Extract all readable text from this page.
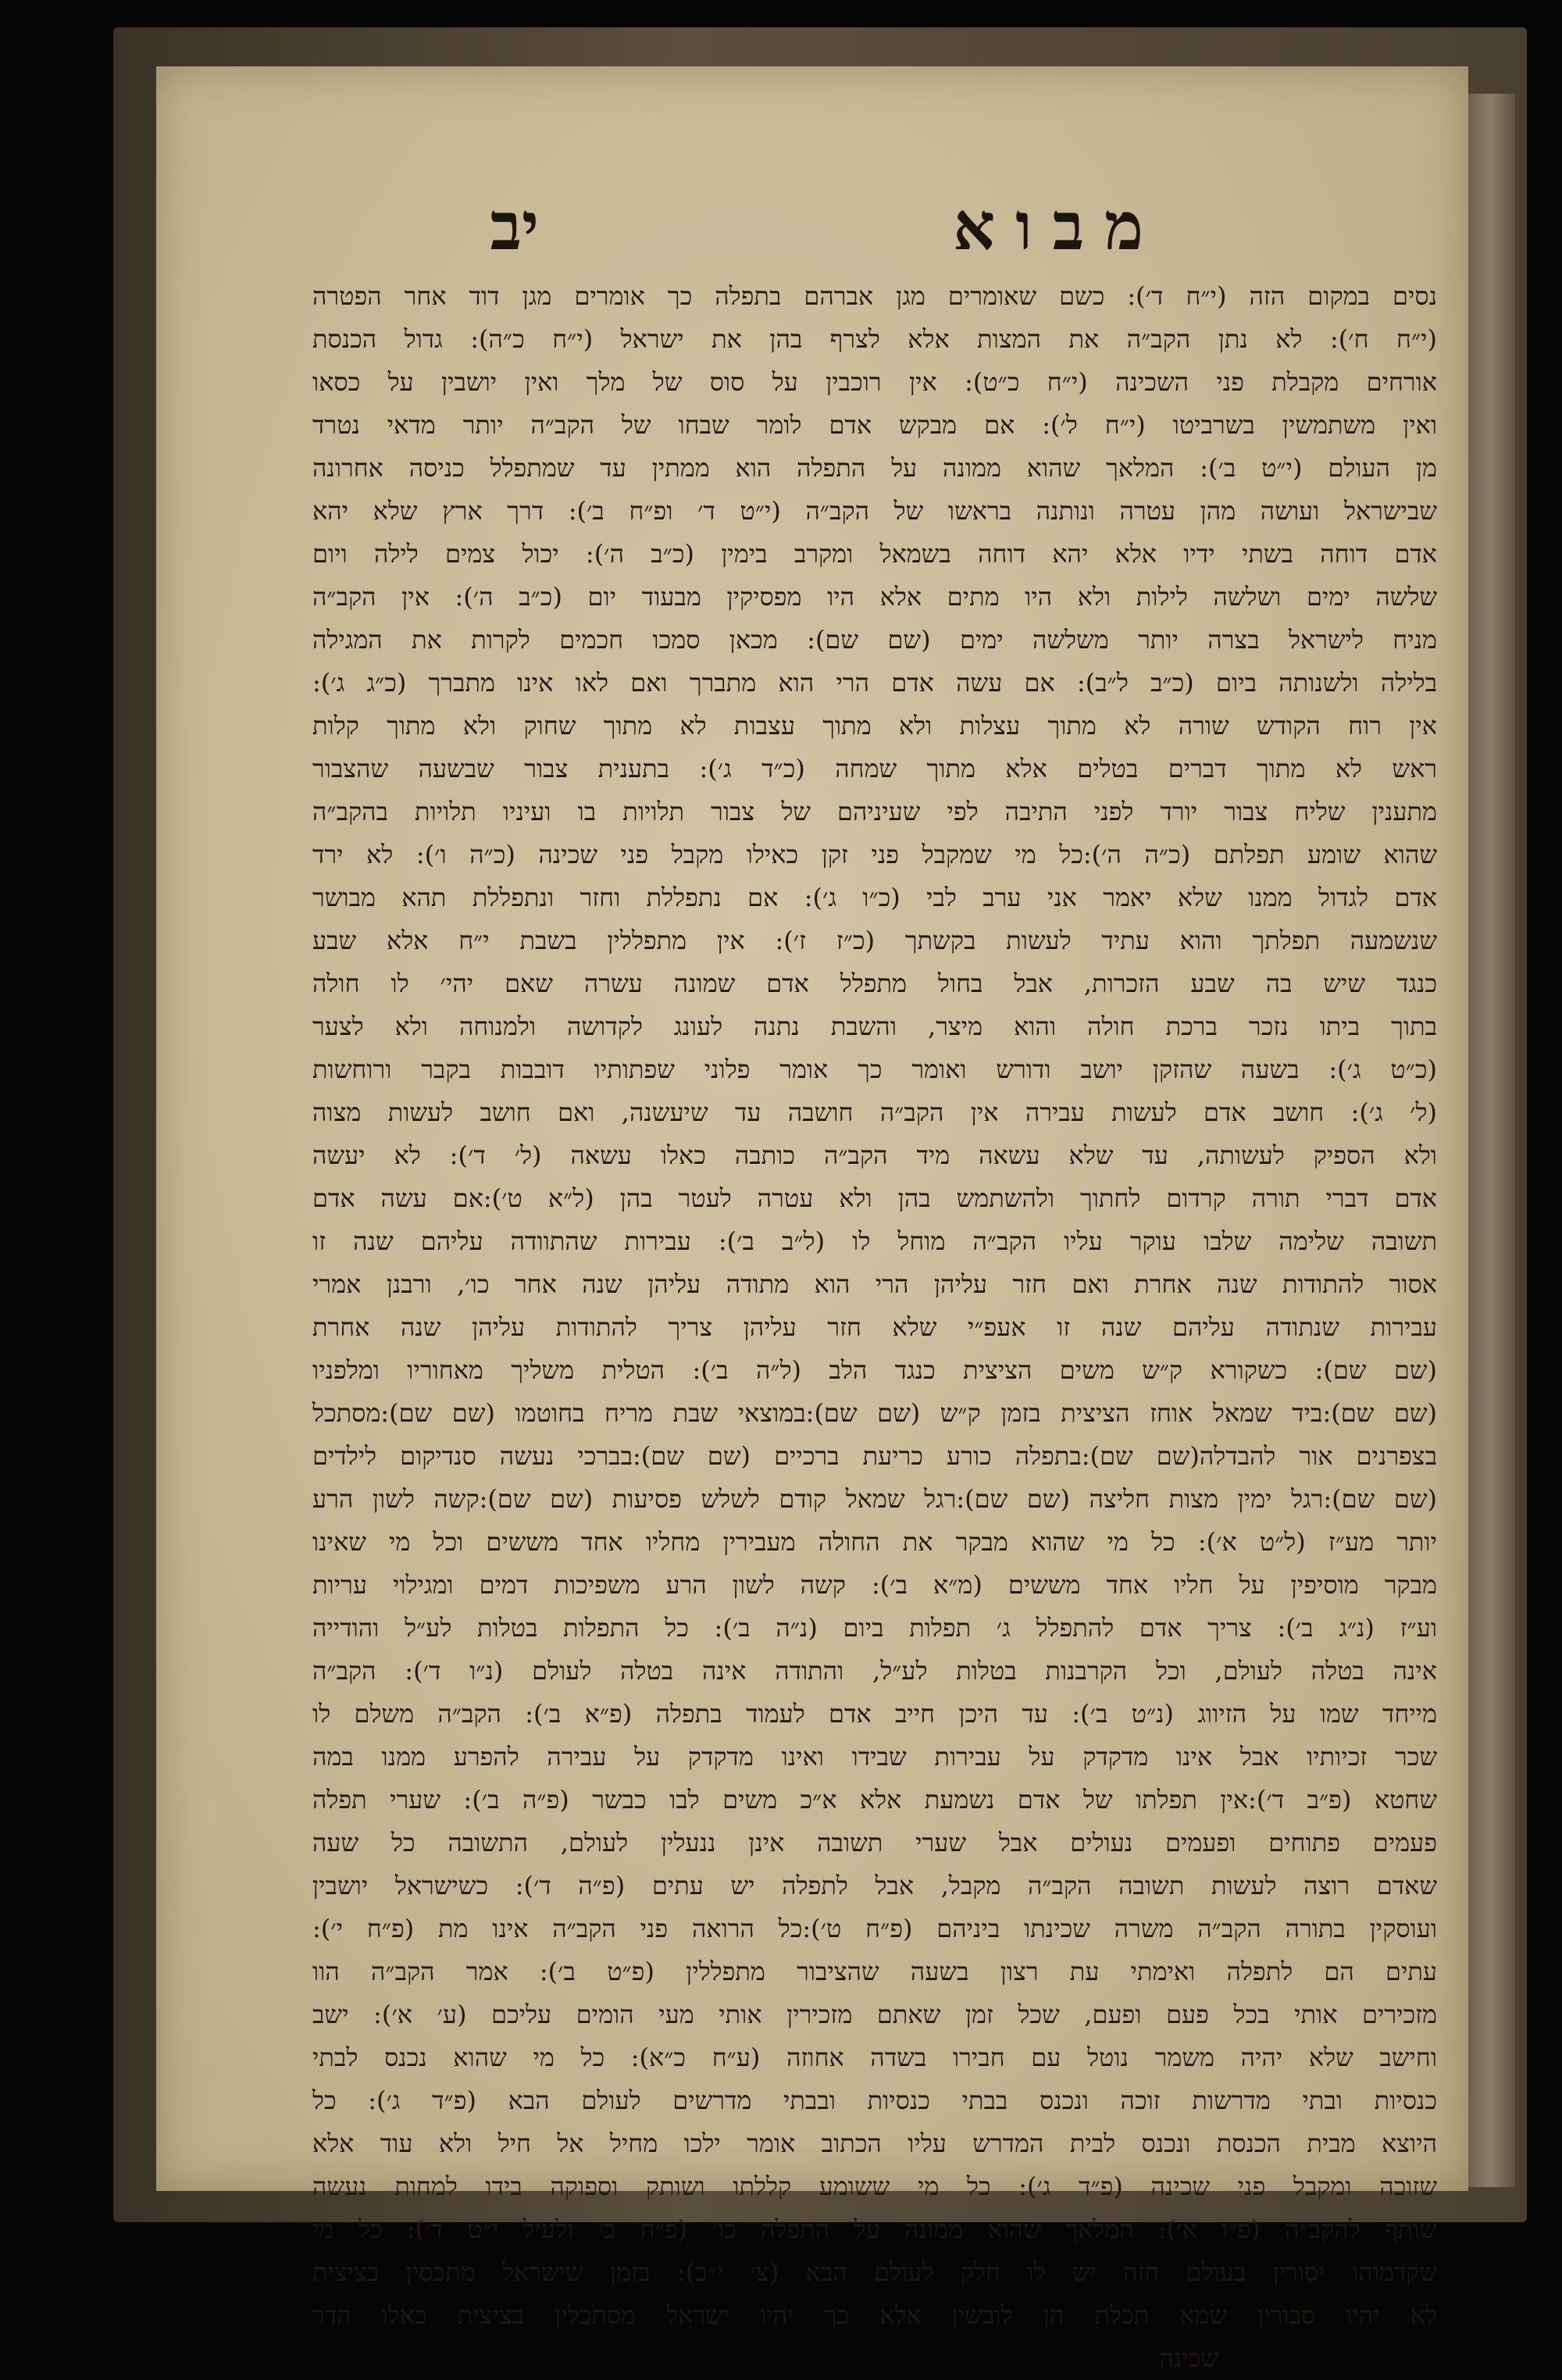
מבוא
יב
נסים במקום הזה (י״ח ד׳): כשם שאומרים מגן אברהם בתפלה כך אומרים מגן דוד אחר הפטרה
(י״ח ח׳): לא נתן הקב״ה את המצות אלא לצרף בהן את ישראל (י״ח כ״ה): גדול הכנסת
אורחים מקבלת פני השכינה (י״ח כ״ט): אין רוכבין על סוס של מלך ואין יושבין על כסאו
ואין משתמשין בשרביטו (י״ח ל׳): אם מבקש אדם לומר שבחו של הקב״ה יותר מדאי נטרד
מן העולם (י״ט ב׳): המלאך שהוא ממונה על התפלה הוא ממתין עד שמתפלל כניסה אחרונה
שבישראל ועושה מהן עטרה ונותנה בראשו של הקב״ה (י״ט ד׳ ופ״ח ב׳): דרך ארץ שלא יהא
אדם דוחה בשתי ידיו אלא יהא דוחה בשמאל ומקרב בימין (כ״ב ה׳): יכול צמים לילה ויום
שלשה ימים ושלשה לילות ולא היו מתים אלא היו מפסיקין מבעוד יום (כ״ב ה׳): אין הקב״ה
מניח לישראל בצרה יותר משלשה ימים (שם שם): מכאן סמכו חכמים לקרות את המגילה
בלילה ולשנותה ביום (כ״ב ל״ב): אם עשה אדם הרי הוא מתברך ואם לאו אינו מתברך (כ״ג ג׳):
אין רוח הקודש שורה לא מתוך עצלות ולא מתוך עצבות לא מתוך שחוק ולא מתוך קלות
ראש לא מתוך דברים בטלים אלא מתוך שמחה (כ״ד ג׳): בתענית צבור שבשעה שהצבור
מתענין שליח צבור יורד לפני התיבה לפי שעיניהם של צבור תלויות בו ועיניו תלויות בהקב״ה
שהוא שומע תפלתם (כ״ה ה׳):כל מי שמקבל פני זקן כאילו מקבל פני שכינה (כ״ה ו׳): לא ירד
אדם לגדול ממנו שלא יאמר אני ערב לבי (כ״ו ג׳): אם נתפללת וחזר ונתפללת תהא מבושר
שנשמעה תפלתך והוא עתיד לעשות בקשתך (כ״ז ז׳): אין מתפללין בשבת י״ח אלא שבע
כנגד שיש בה שבע הזכרות, אבל בחול מתפלל אדם שמונה עשרה שאם יהי׳ לו חולה
בתוך ביתו נזכר ברכת חולה והוא מיצר, והשבת נתנה לעונג לקדושה ולמנוחה ולא לצער
(כ״ט ג׳): בשעה שהזקן יושב ודורש ואומר כך אומר פלוני שפתותיו דובבות בקבר ורוחשות
(ל׳ ג׳): חושב אדם לעשות עבירה אין הקב״ה חושבה עד שיעשנה, ואם חושב לעשות מצוה
ולא הספיק לעשותה, עד שלא עשאה מיד הקב״ה כותבה כאלו עשאה (ל׳ ד׳): לא יעשה
אדם דברי תורה קרדום לחתוך ולהשתמש בהן ולא עטרה לעטר בהן (ל״א ט׳):אם עשה אדם
תשובה שלימה שלבו עוקר עליו הקב״ה מוחל לו (ל״ב ב׳): עבירות שהתוודה עליהם שנה זו
אסור להתודות שנה אחרת ואם חזר עליהן הרי הוא מתודה עליהן שנה אחר כו׳, ורבנן אמרי
עבירות שנתודה עליהם שנה זו אעפ״י שלא חזר עליהן צריך להתודות עליהן שנה אחרת
(שם שם): כשקורא ק״ש משים הציצית כנגד הלב (ל״ה ב׳): הטלית משליך מאחוריו ומלפניו
(שם שם):ביד שמאל אוחז הציצית בזמן ק״ש (שם שם):במוצאי שבת מריח בחוטמו (שם שם):מסתכל
בצפרנים אור להבדלה(שם שם):בתפלה כורע כריעת ברכיים (שם שם):בברכי נעשה סנדיקום לילדים
(שם שם):רגל ימין מצות חליצה (שם שם):רגל שמאל קודם לשלש פסיעות (שם שם):קשה לשון הרע
יותר מע״ז (ל״ט א׳): כל מי שהוא מבקר את החולה מעבירין מחליו אחד מששים וכל מי שאינו
מבקר מוסיפין על חליו אחד מששים (מ״א ב׳): קשה לשון הרע משפיכות דמים ומגילוי עריות
וע״ז (נ״ג ב׳): צריך אדם להתפלל ג׳ תפלות ביום (נ״ה ב׳): כל התפלות בטלות לע״ל והודייה
אינה בטלה לעולם, וכל הקרבנות בטלות לע״ל, והתודה אינה בטלה לעולם (נ״ו ד׳): הקב״ה
מייחד שמו על הזיווג (נ״ט ב׳): עד היכן חייב אדם לעמוד בתפלה (פ״א ב׳): הקב״ה משלם לו
שכר זכיותיו אבל אינו מדקדק על עבירות שבידו ואינו מדקדק על עבירה להפרע ממנו במה
שחטא (פ״ב ד׳):אין תפלתו של אדם נשמעת אלא א״כ משים לבו כבשר (פ״ה ב׳): שערי תפלה
פעמים פתוחים ופעמים נעולים אבל שערי תשובה אינן ננעלין לעולם, התשובה כל שעה
שאדם רוצה לעשות תשובה הקב״ה מקבל, אבל לתפלה יש עתים (פ״ה ד׳): כשישראל יושבין
ועוסקין בתורה הקב״ה משרה שכינתו ביניהם (פ״ח ט׳):כל הרואה פני הקב״ה אינו מת (פ״ח י׳):
עתים הם לתפלה ואימתי עת רצון בשעה שהציבור מתפללין (פ״ט ב׳): אמר הקב״ה הוו
מזכירים אותי בכל פעם ופעם, שכל זמן שאתם מזכירין אותי מעי הומים עליכם (ע׳ א׳): ישב
וחישב שלא יהיה משמר נוטל עם חבירו בשדה אחוזה (ע״ח כ״א): כל מי שהוא נכנס לבתי
כנסיות ובתי מדרשות זוכה ונכנס בבתי כנסיות ובבתי מדרשים לעולם הבא (פ״ד ג׳): כל
היוצא מבית הכנסת ונכנס לבית המדרש עליו הכתוב אומר ילכו מחיל אל חיל ולא עוד אלא
שזוכה ומקבל פני שכינה (פ״ד ג׳): כל מי ששומע קללתו ושותק וספוקה בידו למחות נעשה
שותף להקב״ה (פ״ו א׳): המלאך שהוא ממונה על התפלה כו׳ (פ״ח ב׳ ולעיל י״ט ד׳): כל מי
שקדמוהו יסורין בעולם הזה יש לו חלק לעולם הבא (צ׳ י״ב): בזמן שישראל מתכסין בציצית
לא יהיו סבורין שמא תכלת הן לובשין אלא כך יהיו ישראל מסתכלין בציצית כאלו הדר
שכינה
